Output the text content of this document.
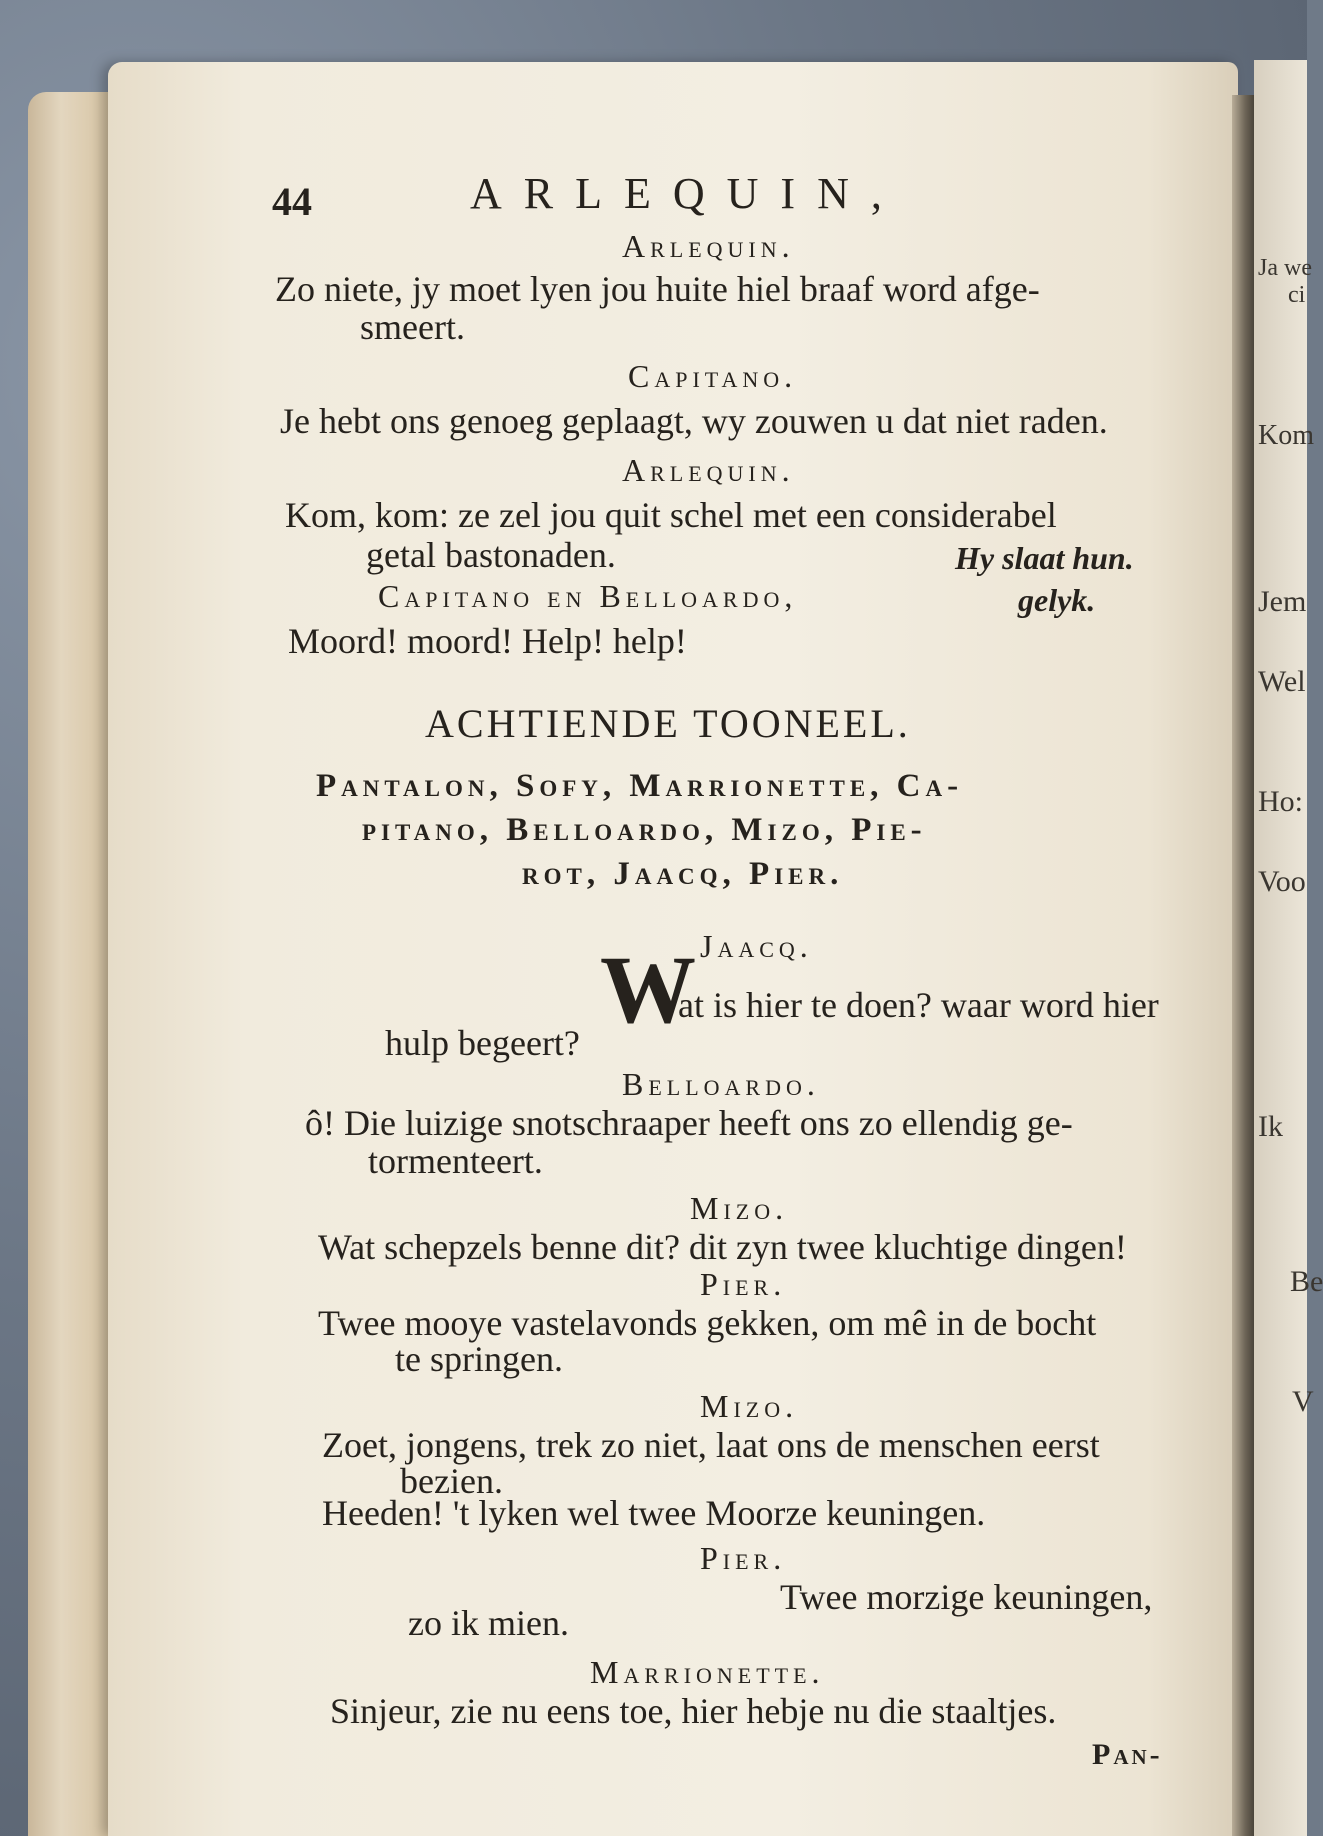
Ja we
ci
Kom
Jem
Wel
Ho:
Voo
Ik
Be
V
44	ARLEQUIN,
Arlequin.
Zo niete, jy moet lyen jou huite hiel braaf word afge-
smeert.
Capitano.
Je hebt ons genoeg geplaagt, wy zouwen u dat niet raden.
Arlequin.
Kom, kom: ze zel jou quit schel met een considerabel
getal bastonaden.	Hy slaat hun.
Capitano en Belloardo,	gelyk.
Moord! moord! Help! help!
ACHTIENDE TOONEEL.
Pantalon, Sofy, Marrionette, Ca-
pitano, Belloardo, Mizo, Pie-
rot, Jaacq, Pier.
Jaacq.
W
at is hier te doen? waar word hier
hulp begeert?
Belloardo.
ô! Die luizige snotschraaper heeft ons zo ellendig ge-
tormenteert.
Mizo.
Wat schepzels benne dit? dit zyn twee kluchtige dingen!
Pier.
Twee mooye vastelavonds gekken, om mê in de bocht
te springen.
Mizo.
Zoet, jongens, trek zo niet, laat ons de menschen eerst
bezien.
Heeden! 't lyken wel twee Moorze keuningen.
Pier.
Twee morzige keuningen,
zo ik mien.
Marrionette.
Sinjeur, zie nu eens toe, hier hebje nu die staaltjes.
Pan-
